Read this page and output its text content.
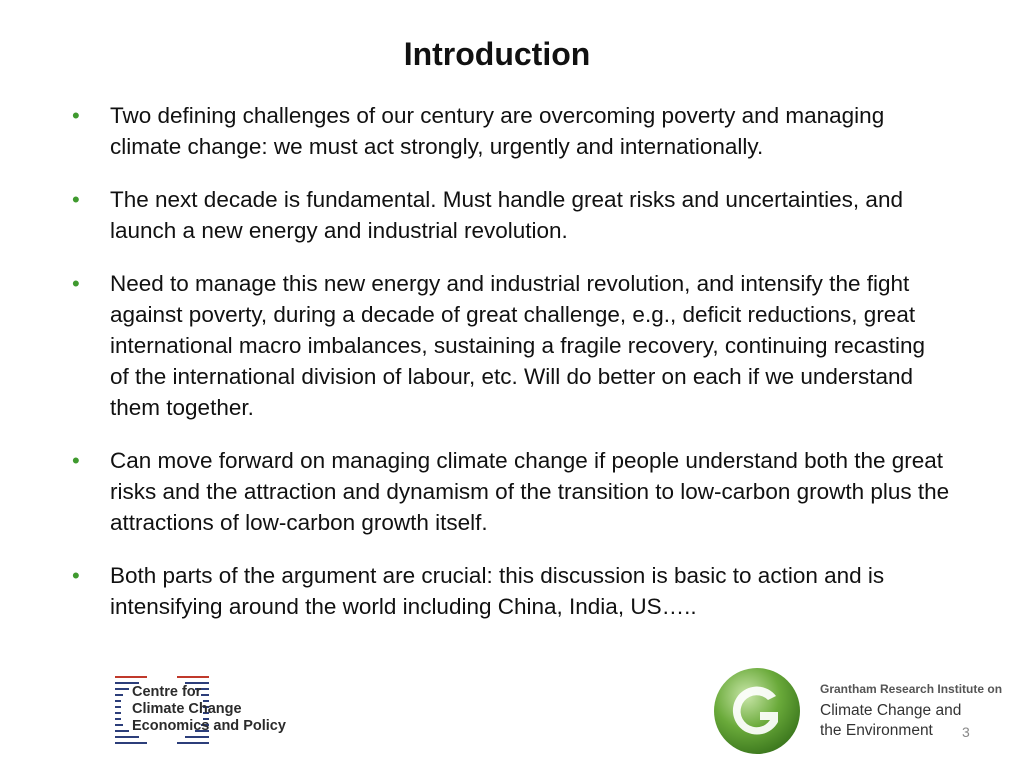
Introduction
• Two defining challenges of our century are overcoming poverty and managing climate change: we must act strongly, urgently and internationally.
• The next decade is fundamental. Must handle great risks and uncertainties, and launch a new energy and industrial revolution.
• Need to manage this new energy and industrial revolution, and intensify the fight against poverty, during a decade of great challenge, e.g., deficit reductions, great international macro imbalances, sustaining a fragile recovery, continuing recasting of the international division of labour, etc. Will do better on each if we understand them together.
• Can move forward on managing climate change if people understand both the great risks and the attraction and dynamism of the transition to low-carbon growth plus the attractions of low-carbon growth itself.
• Both parts of the argument are crucial: this discussion is basic to action and is intensifying around the world including China, India, US…..
Centre for
Climate Change
Economics and Policy
Grantham Research Institute on
Climate Change and
the Environment	3
